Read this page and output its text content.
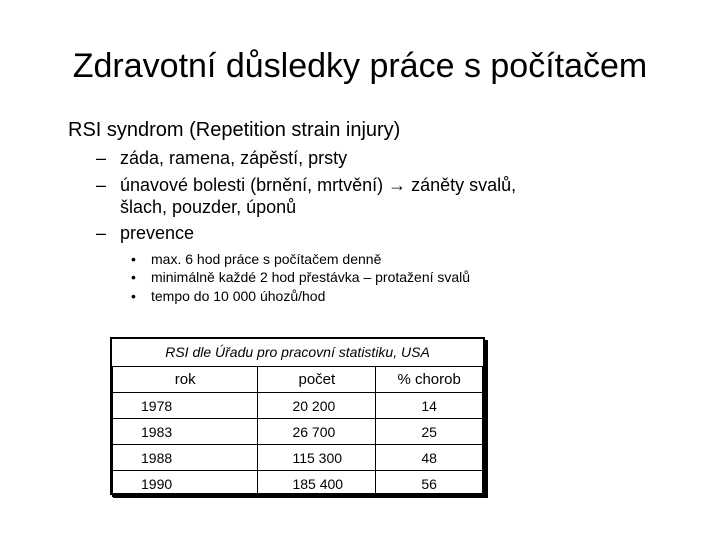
Zdravotní důsledky práce s počítačem
RSI syndrom (Repetition strain injury)
– záda, ramena, zápěstí, prsty
– únavové bolesti (brnění, mrtvění) → záněty svalů,
šlach, pouzder, úponů
– prevence
• max. 6 hod práce s počítačem denně
• minimálně každé 2 hod přestávka – protažení svalů
• tempo do 10 000 úhozů/hod
RSI dle Úřadu pro pracovní statistiku, USA
rok	počet	% chorob
1978	20 200	14
1983	26 700	25
1988	115 300	48
1990	185 400	56
